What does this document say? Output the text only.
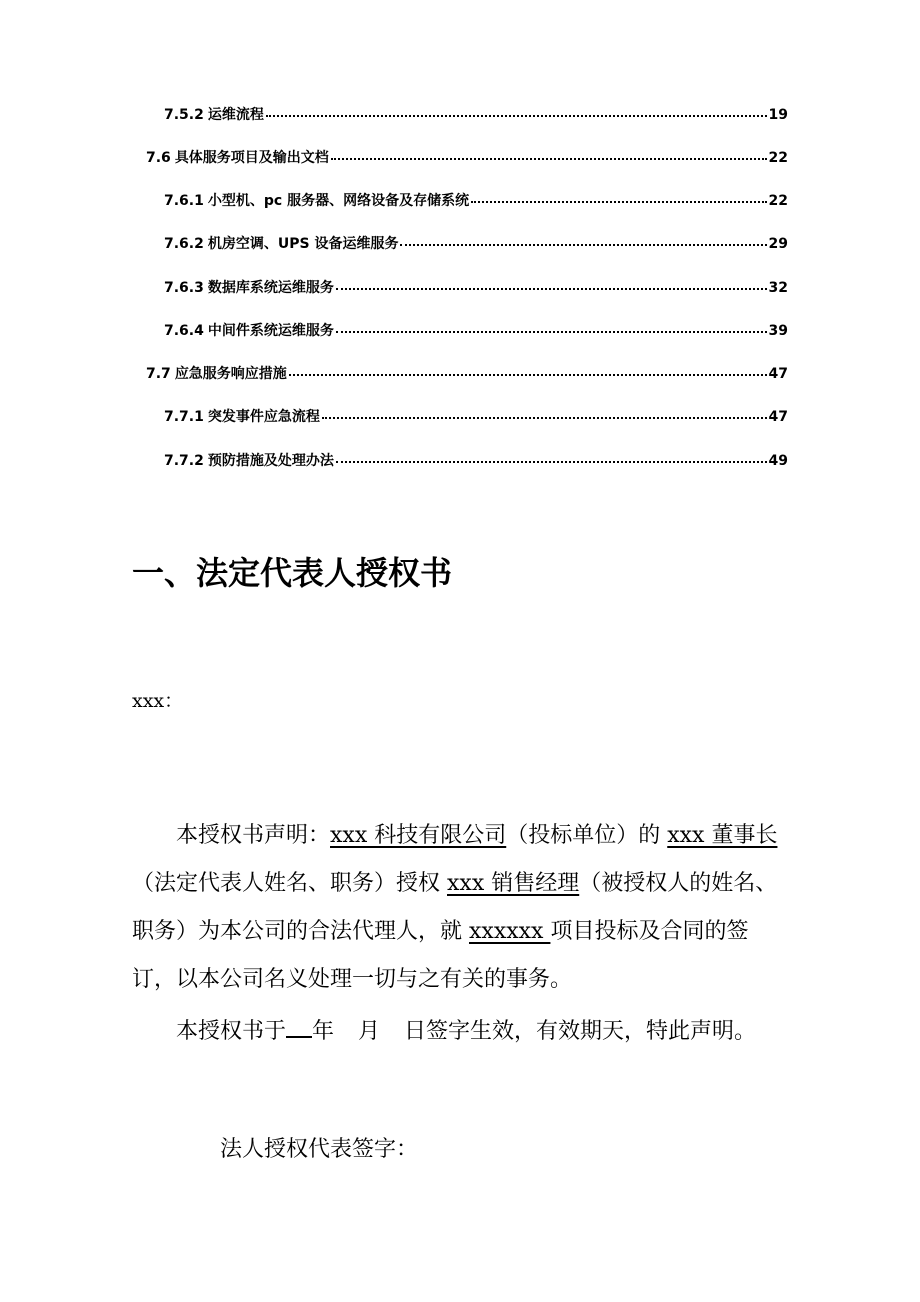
7.5.2 运维流程	19
7.6 具体服务项目及输出文档	22
7.6.1 小型机、pc 服务器、网络设备及存储系统	22
7.6.2 机房空调、UPS 设备运维服务	29
7.6.3 数据库系统运维服务	32
7.6.4 中间件系统运维服务	39
7.7 应急服务响应措施	47
7.7.1 突发事件应急流程	47
7.7.2 预防措施及处理办法	49
一、法定代表人授权书
xxx：

本授权书声明：xxx 科技有限公司（投标单位）的 xxx 董事长（法定代表人姓名、职务）授权 xxx 销售经理（被授权人的姓名、职务）为本公司的合法代理人，就 xxxxxx 项目投标及合同的签订，以本公司名义处理一切与之有关的事务。

本授权书于 年 月 日签字生效，有效期天，特此声明。

法人授权代表签字：
